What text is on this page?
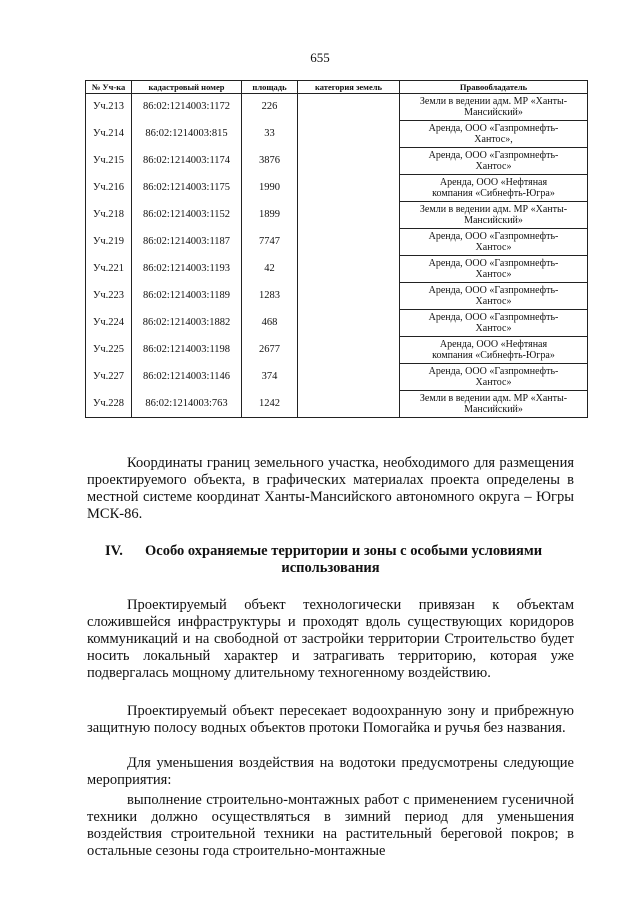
655
№ Уч-ка	кадастровый номер	площадь	категория земель	Правообладатель
Уч.213	86:02:1214003:1172	226		Земли в ведении адм. МР «Ханты-
Мансийский»
Уч.214	86:02:1214003:815	33		Аренда, ООО «Газпромнефть-
Хантос»,
Уч.215	86:02:1214003:1174	3876		Аренда, ООО «Газпромнефть-
Хантос»
Уч.216	86:02:1214003:1175	1990		Аренда, ООО «Нефтяная
компания «Сибнефть-Югра»
Уч.218	86:02:1214003:1152	1899		Земли в ведении адм. МР «Ханты-
Мансийский»
Уч.219	86:02:1214003:1187	7747		Аренда, ООО «Газпромнефть-
Хантос»
Уч.221	86:02:1214003:1193	42		Аренда, ООО «Газпромнефть-
Хантос»
Уч.223	86:02:1214003:1189	1283		Аренда, ООО «Газпромнефть-
Хантос»
Уч.224	86:02:1214003:1882	468		Аренда, ООО «Газпромнефть-
Хантос»
Уч.225	86:02:1214003:1198	2677		Аренда, ООО «Нефтяная
компания «Сибнефть-Югра»
Уч.227	86:02:1214003:1146	374		Аренда, ООО «Газпромнефть-
Хантос»
Уч.228	86:02:1214003:763	1242		Земли в ведении адм. МР «Ханты-
Мансийский»

Координаты границ земельного участка, необходимого для размещения проектируемого объекта, в графических материалах проекта определены в местной системе координат Ханты-Мансийского автономного округа – Югры МСК-86.

IV. Особо охраняемые территории и зоны с особыми условиями
использования

Проектируемый объект технологически привязан к объектам сложившейся инфраструктуры и проходят вдоль существующих коридоров коммуникаций и на свободной от застройки территории Строительство будет носить локальный характер и затрагивать территорию, которая уже подвергалась мощному длительному техногенному воздействию.

Проектируемый объект пересекает водоохранную зону и прибрежную защитную полосу водных объектов протоки Помогайка и ручья без названия.

Для уменьшения воздействия на водотоки предусмотрены следующие мероприятия:

выполнение строительно-монтажных работ с применением гусеничной техники должно осуществляться в зимний период для уменьшения воздействия строительной техники на растительный береговой покров; в остальные сезоны года строительно-монтажные
